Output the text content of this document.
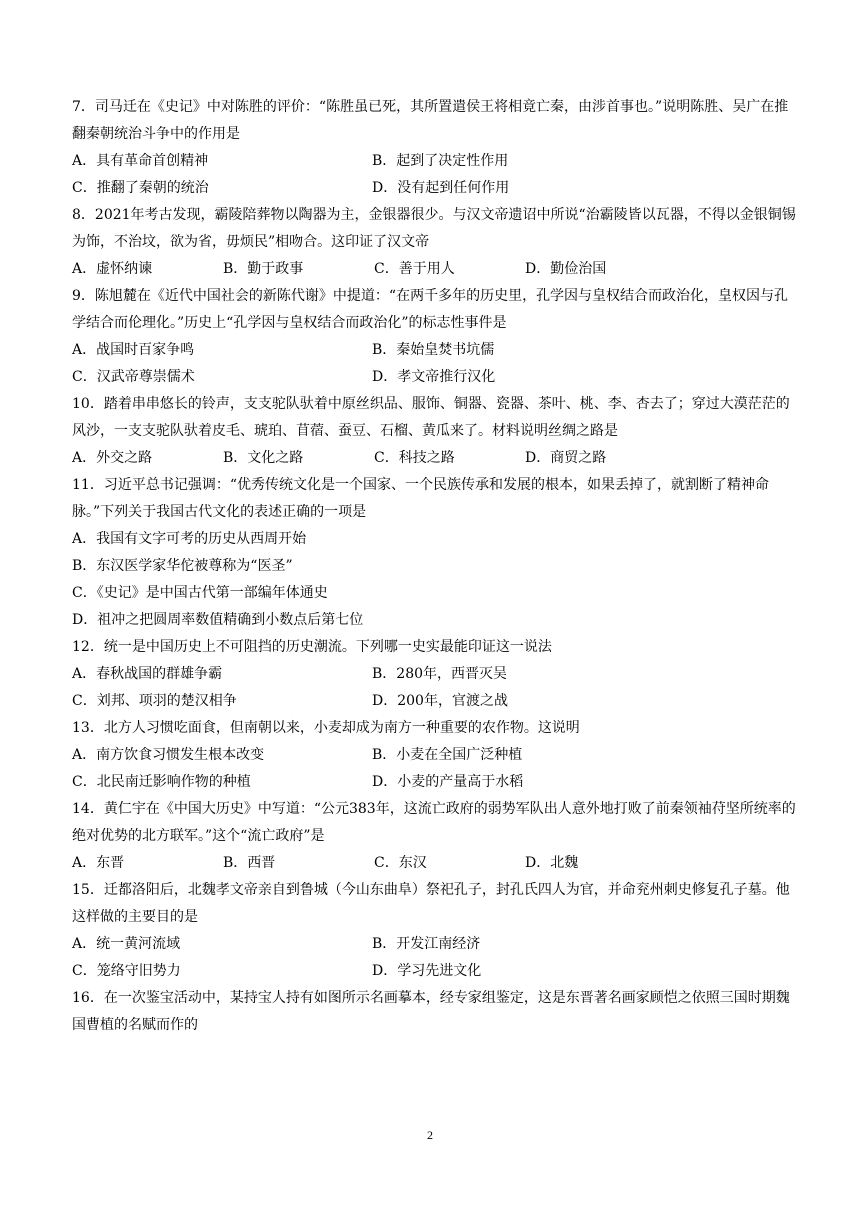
7．司马迁在《史记》中对陈胜的评价：“陈胜虽已死，其所置遣侯王将相竟亡秦，由涉首事也。”说明陈胜、吴广在推翻秦朝统治斗争中的作用是

A．具有革命首创精神	B．起到了决定性作用
C．推翻了秦朝的统治	D．没有起到任何作用

8．2021年考古发现，霸陵陪葬物以陶器为主，金银器很少。与汉文帝遗诏中所说“治霸陵皆以瓦器，不得以金银铜锡为饰，不治坟，欲为省，毋烦民”相吻合。这印证了汉文帝

A．虚怀纳谏	B．勤于政事	C．善于用人	D．勤俭治国

9．陈旭麓在《近代中国社会的新陈代谢》中提道：“在两千多年的历史里，孔学因与皇权结合而政治化，皇权因与孔学结合而伦理化。”历史上“孔学因与皇权结合而政治化”的标志性事件是

A．战国时百家争鸣	B．秦始皇焚书坑儒
C．汉武帝尊崇儒术	D．孝文帝推行汉化

10．踏着串串悠长的铃声，支支驼队驮着中原丝织品、服饰、铜器、瓷器、茶叶、桃、李、杏去了；穿过大漠茫茫的风沙，一支支驼队驮着皮毛、琥珀、苜蓿、蚕豆、石榴、黄瓜来了。材料说明丝绸之路是

A．外交之路	B．文化之路	C．科技之路	D．商贸之路

11．习近平总书记强调：“优秀传统文化是一个国家、一个民族传承和发展的根本，如果丢掉了，就割断了精神命脉。”下列关于我国古代文化的表述正确的一项是

A．我国有文字可考的历史从西周开始
B．东汉医学家华佗被尊称为“医圣”
C．《史记》是中国古代第一部编年体通史
D．祖冲之把圆周率数值精确到小数点后第七位

12．统一是中国历史上不可阻挡的历史潮流。下列哪一史实最能印证这一说法

A．春秋战国的群雄争霸	B．280年，西晋灭吴
C．刘邦、项羽的楚汉相争	D．200年，官渡之战

13．北方人习惯吃面食，但南朝以来，小麦却成为南方一种重要的农作物。这说明

A．南方饮食习惯发生根本改变	B．小麦在全国广泛种植
C．北民南迁影响作物的种植	D．小麦的产量高于水稻

14．黄仁宇在《中国大历史》中写道：“公元383年，这流亡政府的弱势军队出人意外地打败了前秦领袖苻坚所统率的绝对优势的北方联军。”这个“流亡政府”是

A．东晋	B．西晋	C．东汉	D．北魏

15．迁都洛阳后，北魏孝文帝亲自到鲁城（今山东曲阜）祭祀孔子，封孔氏四人为官，并命兖州刺史修复孔子墓。他这样做的主要目的是

A．统一黄河流域	B．开发江南经济
C．笼络守旧势力	D．学习先进文化

16．在一次鉴宝活动中，某持宝人持有如图所示名画摹本，经专家组鉴定，这是东晋著名画家顾恺之依照三国时期魏国曹植的名赋而作的

2
